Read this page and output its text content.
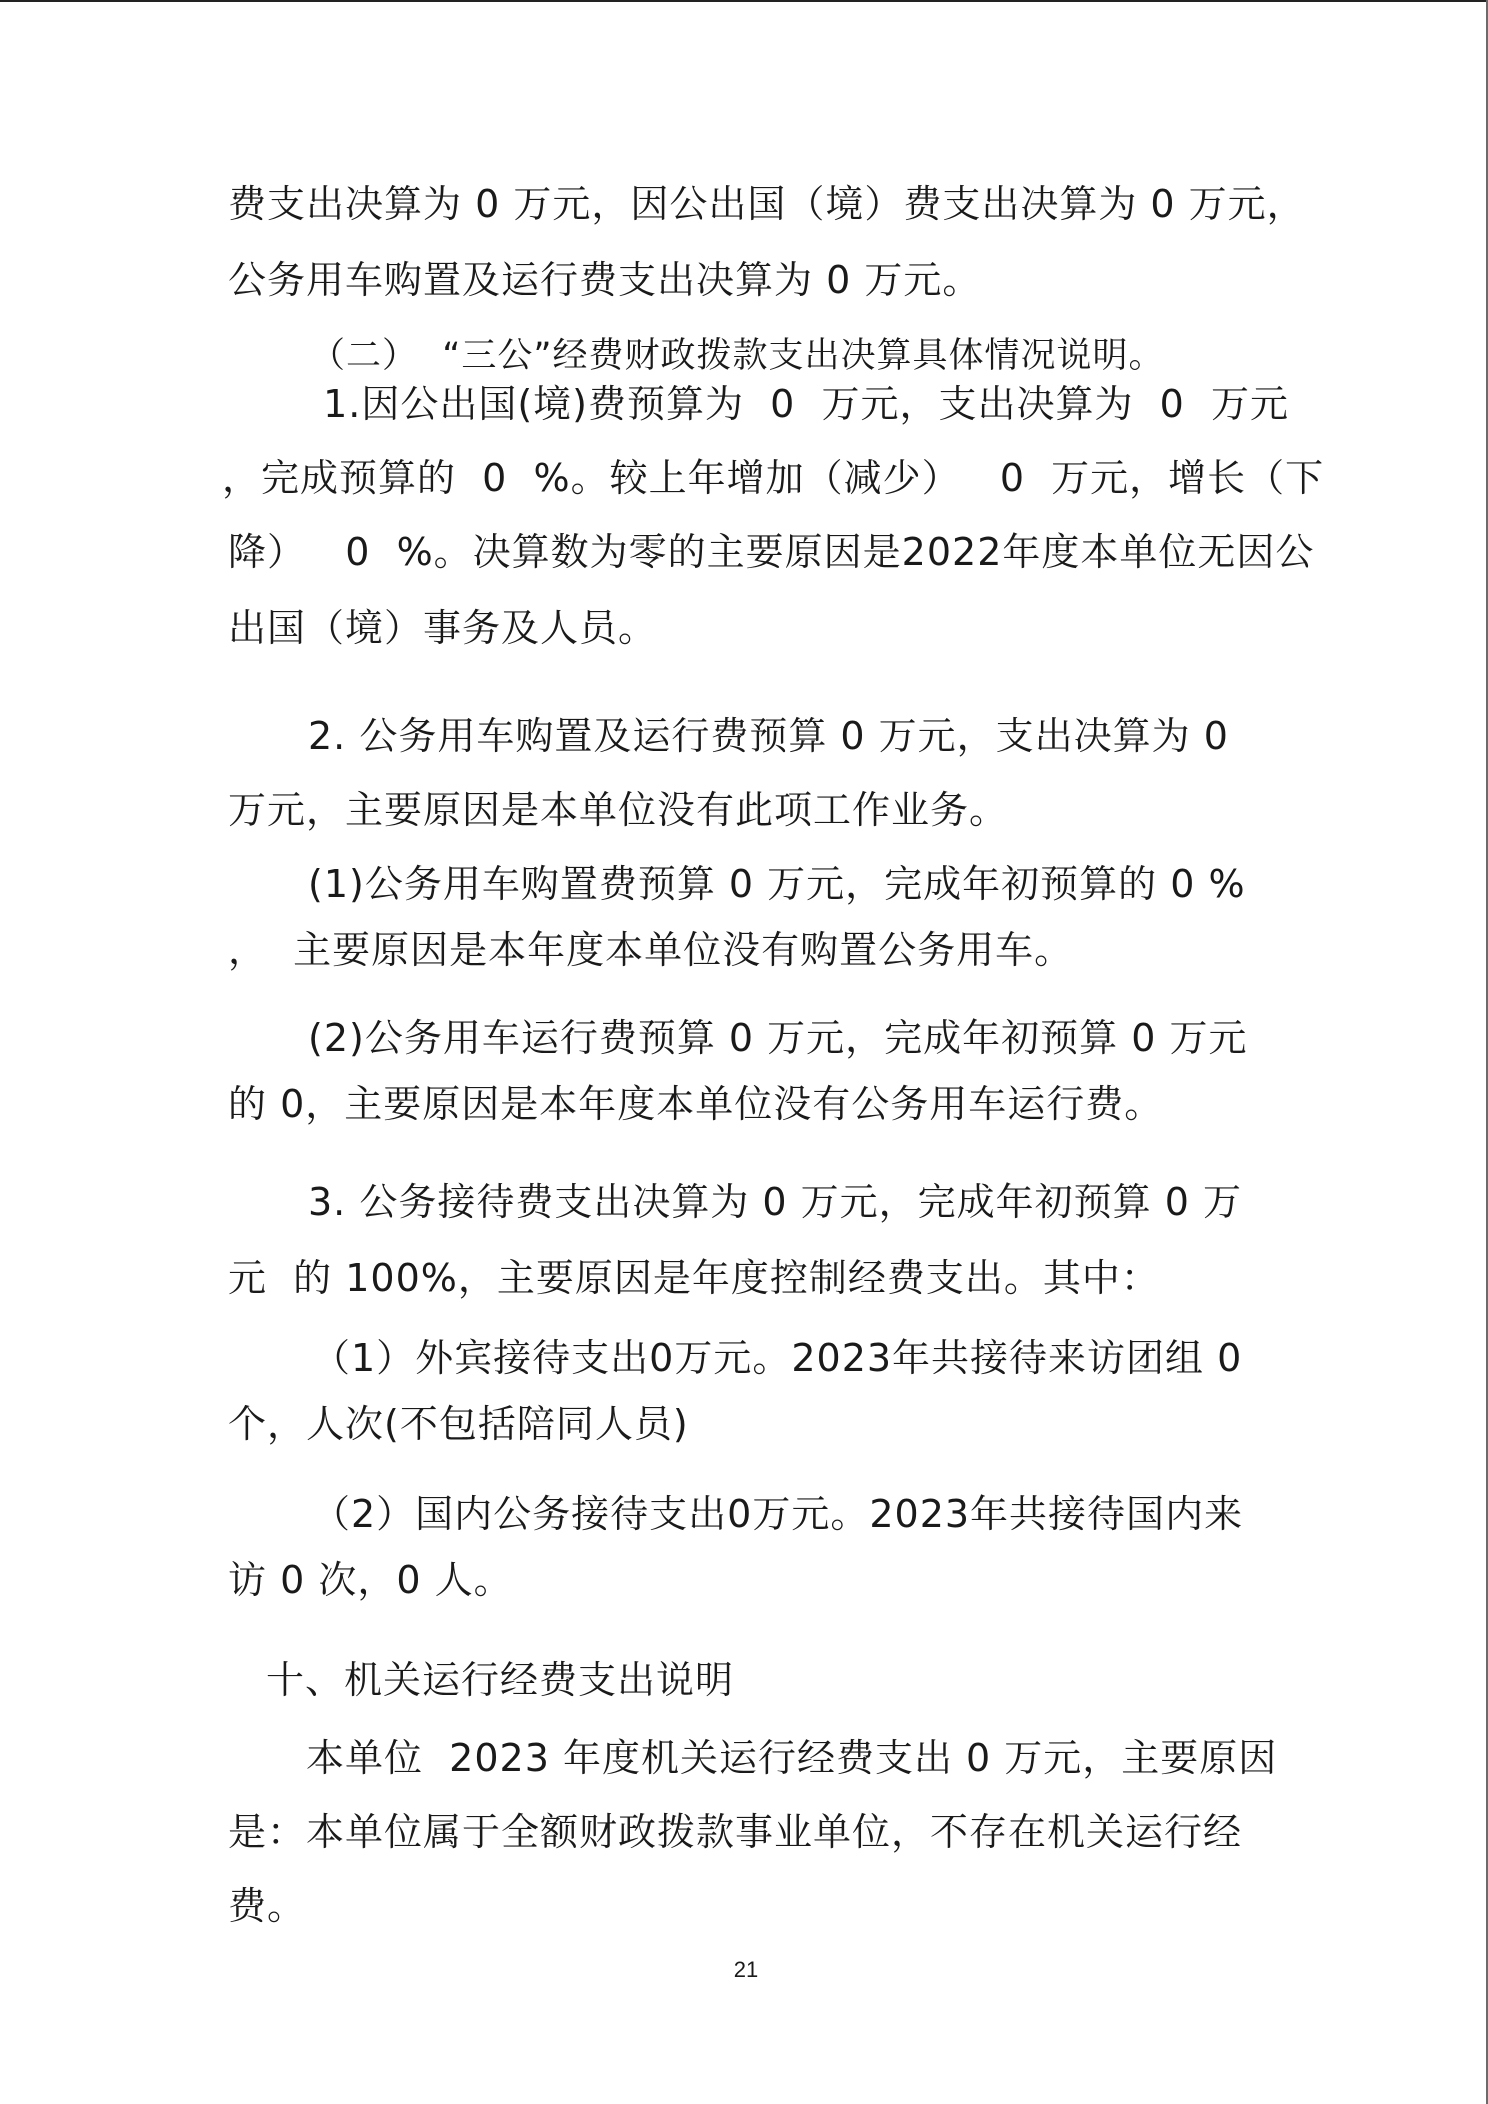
费支出决算为 0 万元，因公出国（境）费支出决算为 0 万元，
公务用车购置及运行费支出决算为 0 万元。
（二）  “三公”经费财政拨款支出决算具体情况说明。
1.因公出国(境)费预算为  0  万元，支出决算为  0  万元
，完成预算的  0  %。较上年增加（减少）   0  万元，增长（下
降）   0  %。决算数为零的主要原因是2022年度本单位无因公
出国（境）事务及人员。
2. 公务用车购置及运行费预算 0 万元，支出决算为 0
万元，主要原因是本单位没有此项工作业务。
(1)公务用车购置费预算 0 万元，完成年初预算的 0 %
，  主要原因是本年度本单位没有购置公务用车。
(2)公务用车运行费预算 0 万元，完成年初预算 0 万元
的 0，主要原因是本年度本单位没有公务用车运行费。
3. 公务接待费支出决算为 0 万元，完成年初预算 0 万
元  的 100%，主要原因是年度控制经费支出。其中：
（1）外宾接待支出0万元。2023年共接待来访团组 0
个，人次(不包括陪同人员)
（2）国内公务接待支出0万元。2023年共接待国内来
访 0 次，0 人。
十、机关运行经费支出说明
本单位  2023 年度机关运行经费支出 0 万元，主要原因
是：本单位属于全额财政拨款事业单位，不存在机关运行经
费。
21
